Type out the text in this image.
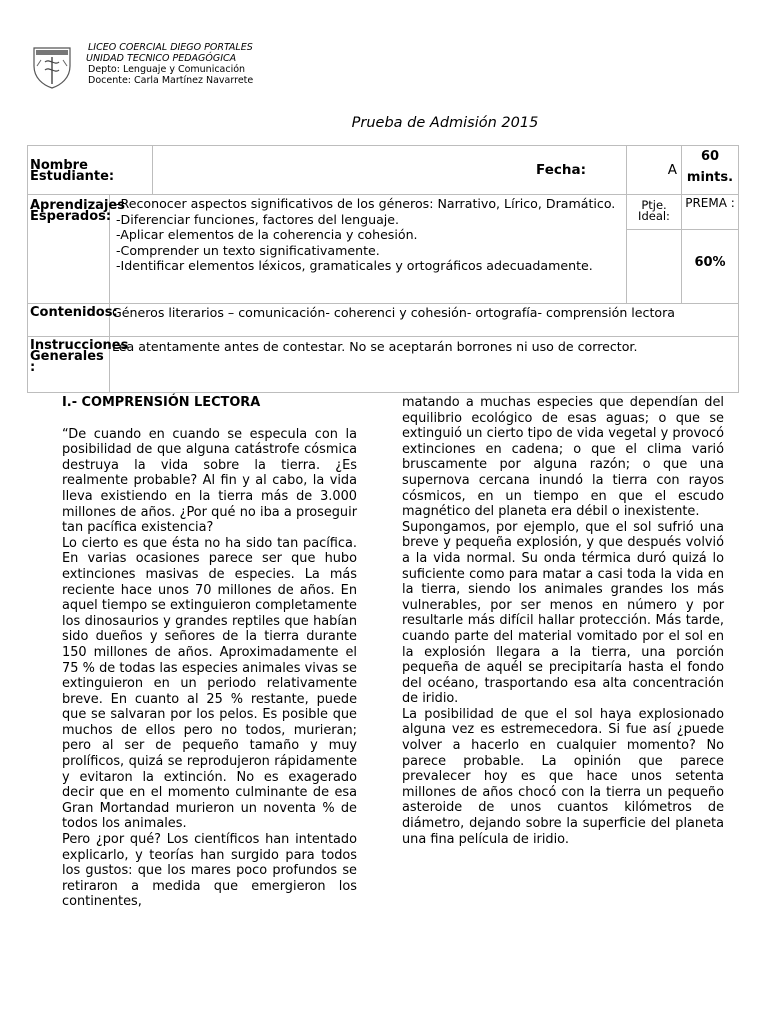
LICEO COERCIAL DIEGO PORTALES
UNIDAD TECNICO PEDAGÓGICA
Depto: Lenguaje y Comunicación
Docente: Carla Martínez Navarrete
Prueba de Admisión 2015
Nombre Estudiante:		Fecha:	A	60 mints.
Aprendizajes Esperados:	-Reconocer aspectos significativos de los géneros: Narrativo, Lírico, Dramático.
-Diferenciar funciones, factores del lenguaje.
-Aplicar elementos de la coherencia y cohesión.
-Comprender un texto significativamente.
-Identificar elementos léxicos, gramaticales y ortográficos adecuadamente.		Ptje. Ideal:	PREMA :
				60%
Contenidos:	Géneros literarios – comunicación- coherenci y cohesión- ortografía- comprensión lectora			
Instrucciones Generales :	Lea atentamente antes de contestar. No se aceptarán borrones ni uso de corrector.			

I.- COMPRENSIÓN LECTORA

“De cuando en cuando se especula con la posibilidad de que alguna catástrofe cósmica destruya la vida sobre la tierra. ¿Es realmente probable? Al fin y al cabo, la vida lleva existiendo en la tierra más de 3.000 millones de años. ¿Por qué no iba a proseguir tan pacífica existencia?

Lo cierto es que ésta no ha sido tan pacífica. En varias ocasiones parece ser que hubo extinciones masivas de especies. La más reciente hace unos 70 millones de años. En aquel tiempo se extinguieron completamente los dinosaurios y grandes reptiles que habían sido dueños y señores de la tierra durante 150 millones de años. Aproximadamente el 75 % de todas las especies animales vivas se extinguieron en un periodo relativamente breve. En cuanto al 25 % restante, puede que se salvaran por los pelos. Es posible que muchos de ellos pero no todos, murieran; pero al ser de pequeño tamaño y muy prolíficos, quizá se reprodujeron rápidamente y evitaron la extinción. No es exagerado decir que en el momento culminante de esa Gran Mortandad murieron un noventa % de todos los animales.

Pero ¿por qué? Los científicos han intentado explicarlo, y teorías han surgido para todos los gustos: que los mares poco profundos se retiraron a medida que emergieron los continentes,

matando a muchas especies que dependían del equilibrio ecológico de esas aguas; o que se extinguió un cierto tipo de vida vegetal y provocó extinciones en cadena; o que el clima varió bruscamente por alguna razón; o que una supernova cercana inundó la tierra con rayos cósmicos, en un tiempo en que el escudo magnético del planeta era débil o inexistente.

Supongamos, por ejemplo, que el sol sufrió una breve y pequeña explosión, y que después volvió a la vida normal. Su onda térmica duró quizá lo suficiente como para matar a casi toda la vida en la tierra, siendo los animales grandes los más vulnerables, por ser menos en número y por resultarle más difícil hallar protección. Más tarde, cuando parte del material vomitado por el sol en la explosión llegara a la tierra, una porción pequeña de aquél se precipitaría hasta el fondo del océano, trasportando esa alta concentración de iridio.

La posibilidad de que el sol haya explosionado alguna vez es estremecedora. Si fue así ¿puede volver a hacerlo en cualquier momento? No parece probable. La opinión que parece prevalecer hoy es que hace unos setenta millones de años chocó con la tierra un pequeño asteroide de unos cuantos kilómetros de diámetro, dejando sobre la superficie del planeta una fina película de iridio.
